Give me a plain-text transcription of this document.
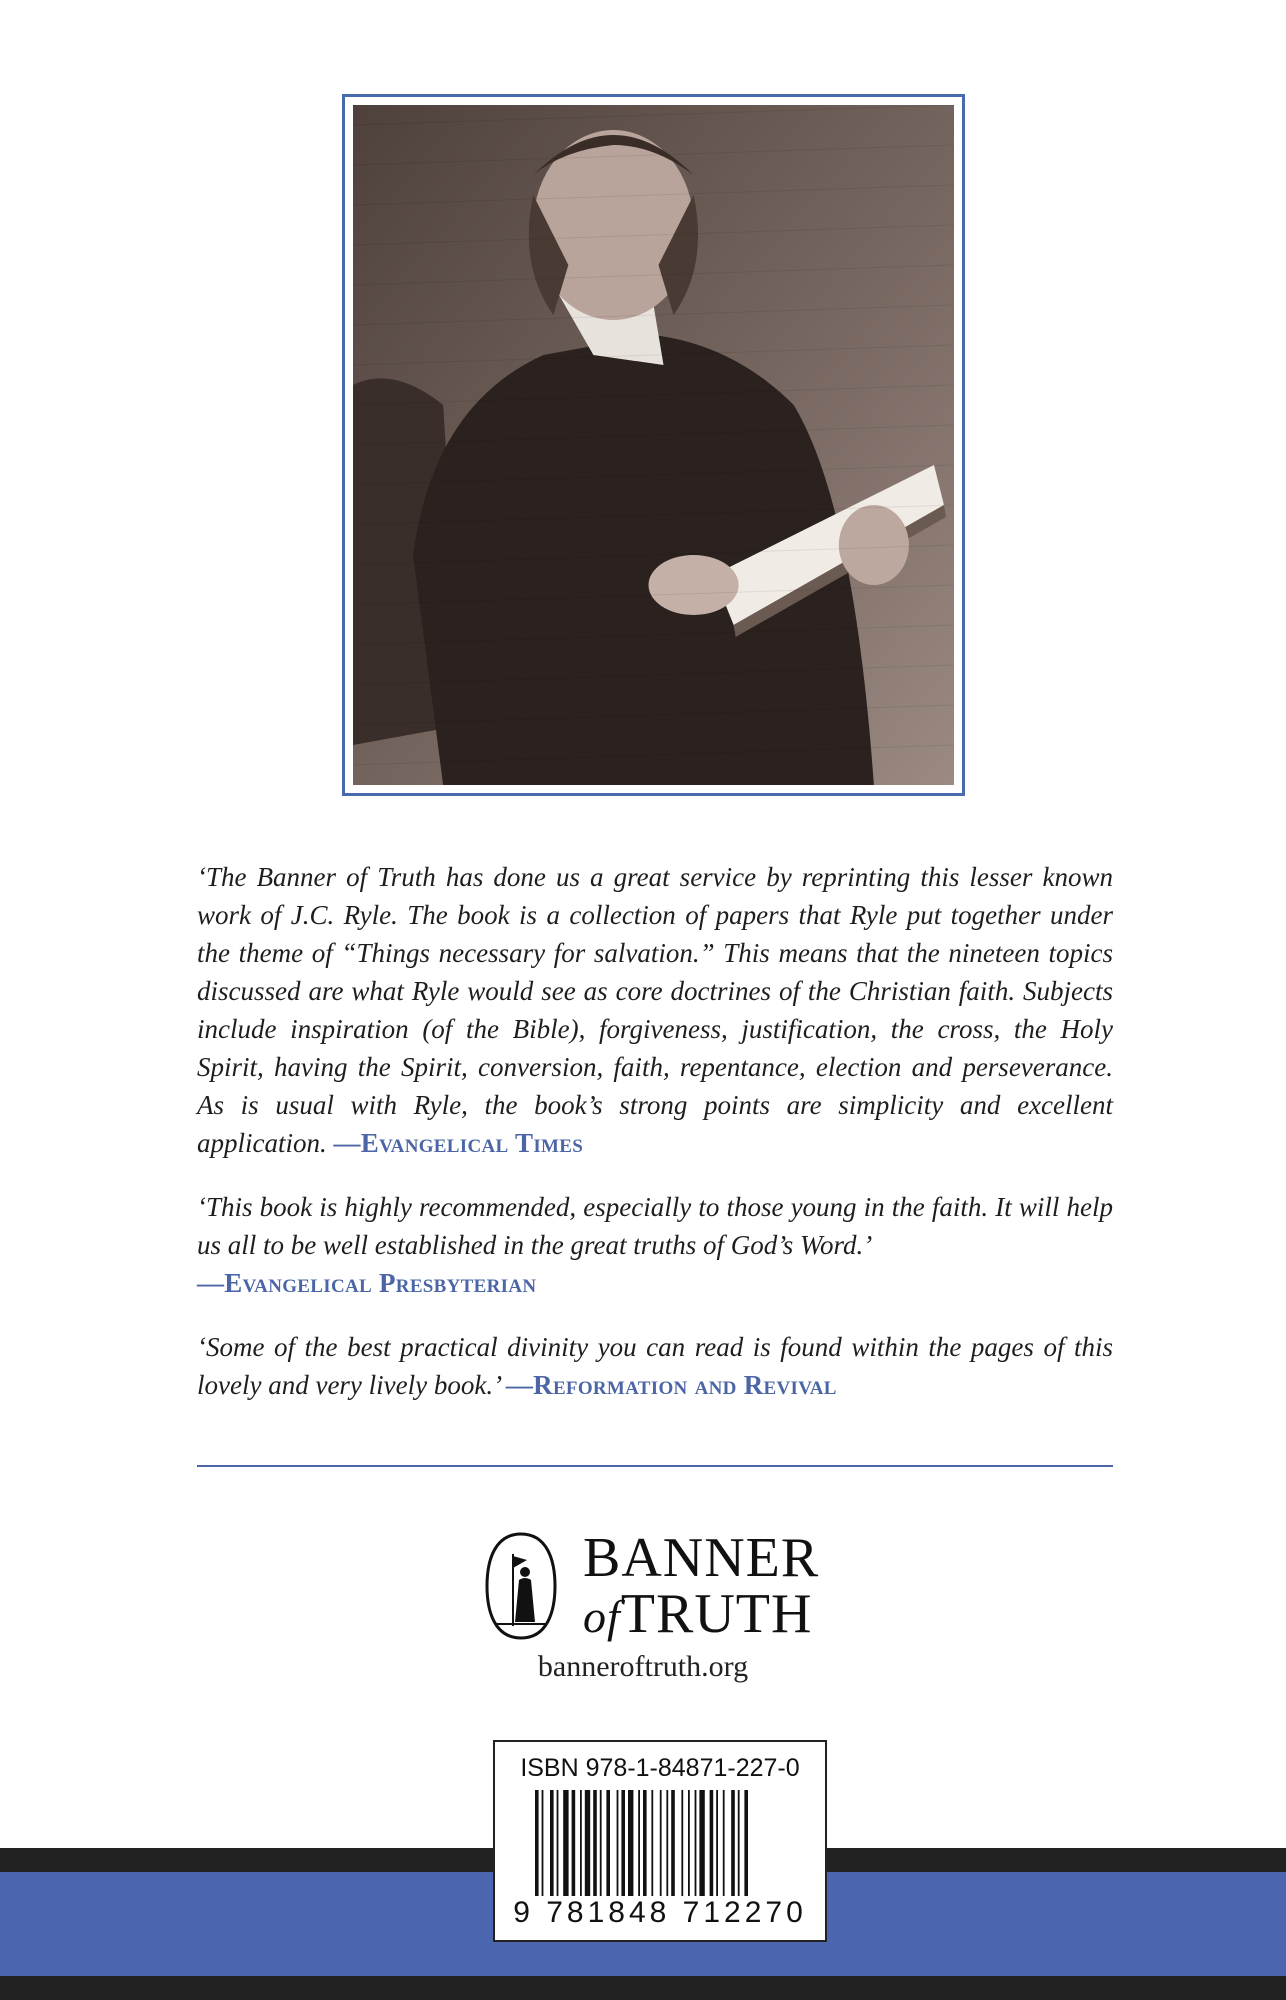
‘The Banner of Truth has done us a great service by reprinting this lesser known work of J.C. Ryle. The book is a collection of papers that Ryle put together under the theme of “Things necessary for salvation.” This means that the nineteen topics discussed are what Ryle would see as core doctrines of the Christian faith. Subjects include inspiration (of the Bible), forgiveness, justification, the cross, the Holy Spirit, having the Spirit, conversion, faith, repentance, election and perseverance. As is usual with Ryle, the book’s strong points are simplicity and excellent application. —Evangelical Times

‘This book is highly recommended, especially to those young in the faith. It will help us all to be well established in the great truths of God’s Word.’
—Evangelical Presbyterian

‘Some of the best practical divinity you can read is found within the pages of this lovely and very lively book.’ —Reformation and Revival

BANNER
ofTRUTH
banneroftruth.org
ISBN 978-1-84871-227-0
9 781848 712270
